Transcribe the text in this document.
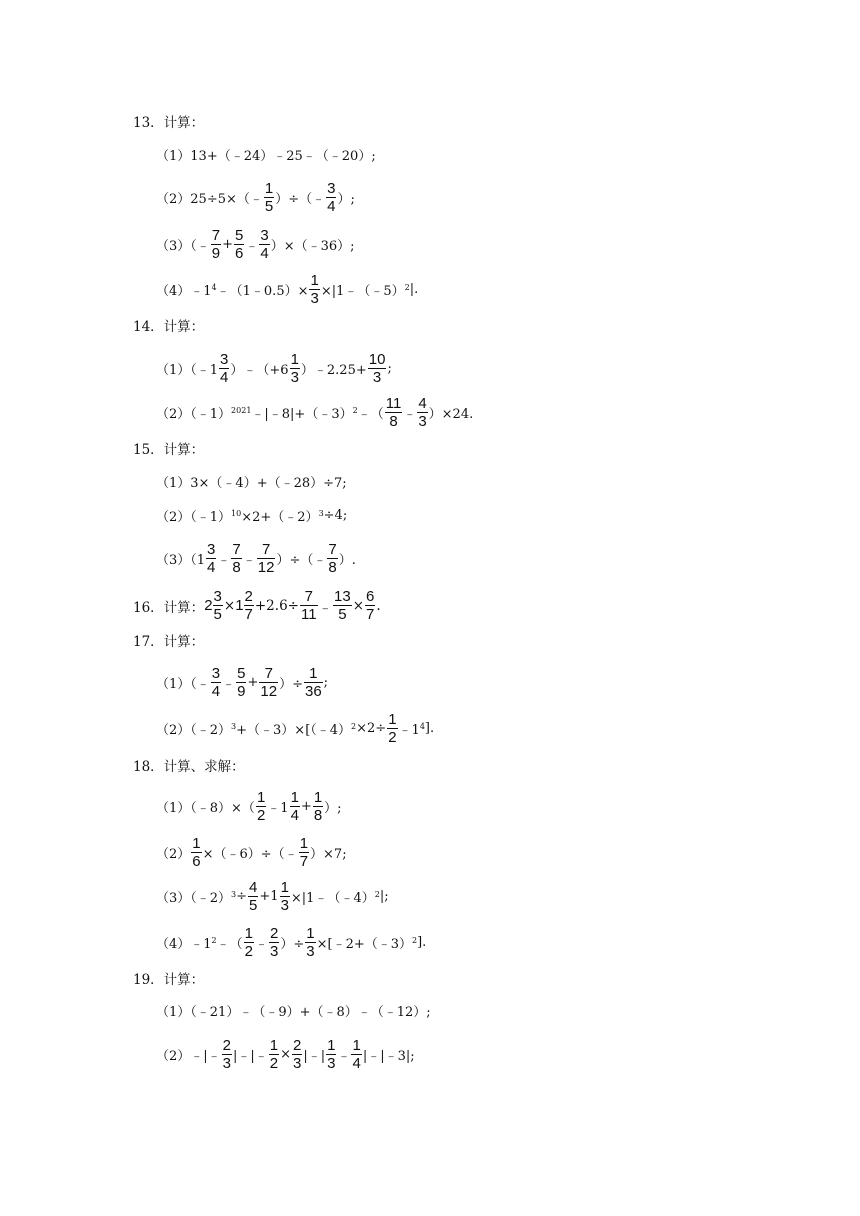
13．计算：
（1）13+（﹣24）﹣25﹣（﹣20）;
（2）25÷5×（﹣ $\frac{1}{5}$ ）÷（﹣ $\frac{3}{4}$ ）;
（3）（﹣ $\frac{7}{9} + \frac{5}{6}$ ﹣ $\frac{3}{4}$ ）×（﹣36）;
$(4)﹣1^4﹣(1﹣0.5)\times \frac{1}{3}$ ×|1﹣（﹣5）$^2$|.
14．计算：
（1）（﹣1 $\frac{3}{4}$ ）﹣（+6 $\frac{1}{3}$ ）﹣2.25+ $\frac{10}{3}$ ;
（2）（﹣1）$^{2021}$﹣|﹣8|+（﹣3）$^2$﹣（ $\frac{11}{8}$ ﹣ $\frac{4}{3} )\times 24$.
15．计算：
（1）3×（﹣4）+（﹣28）÷7;
（2）（﹣1）$^{10}$×2+（﹣2）$^3$÷4;
$(3)(1 \frac{3}{4}$ ﹣ $\frac{7}{8}$ ﹣ $\frac{7}{12}$ ）÷（﹣ $\frac{7}{8}$ ）.
16．计算：$2 \frac{3}{5} \times 1 \frac{2}{7} +2.6\div \frac{7}{11}$ ﹣ $\frac{13}{5} \times \frac{6}{7}$ .
17．计算：
（1）（﹣ $\frac{3}{4}$ ﹣ $\frac{5}{9} + \frac{7}{12}$ ）÷ $\frac{1}{36}$ ;
（2）（﹣2）$^3$+（﹣3）×[（﹣4）$^2$×2÷ $\frac{1}{2}$ $﹣1^4$].
18．计算、求解：
（1）（﹣8）×（ $\frac{1}{2}$ ﹣1 $\frac{1}{4} + \frac{1}{8}$ ）;
$(2) \frac{1}{6}$ ×（﹣6）÷（﹣ $\frac{1}{7} )\times 7$;
（3）（﹣2）$^3$÷ $\frac{4}{5} +1 \frac{1}{3}$ ×|1﹣（﹣4）$^2$|;
$(4)﹣1^2﹣( \frac{1}{2}$ ﹣ $\frac{2}{3}$ ）÷ $\frac{1}{3}$ ×[﹣2+（﹣3）$^2$].
19．计算：
（1）（﹣21）﹣（﹣9）+（﹣8）﹣（﹣12）;
（2）﹣|﹣ $\frac{2}{3}$ |﹣|﹣ $\frac{1}{2} \times \frac{2}{3}$ |﹣| $\frac{1}{3}$ ﹣ $\frac{1}{4}$ |﹣|﹣3|;
